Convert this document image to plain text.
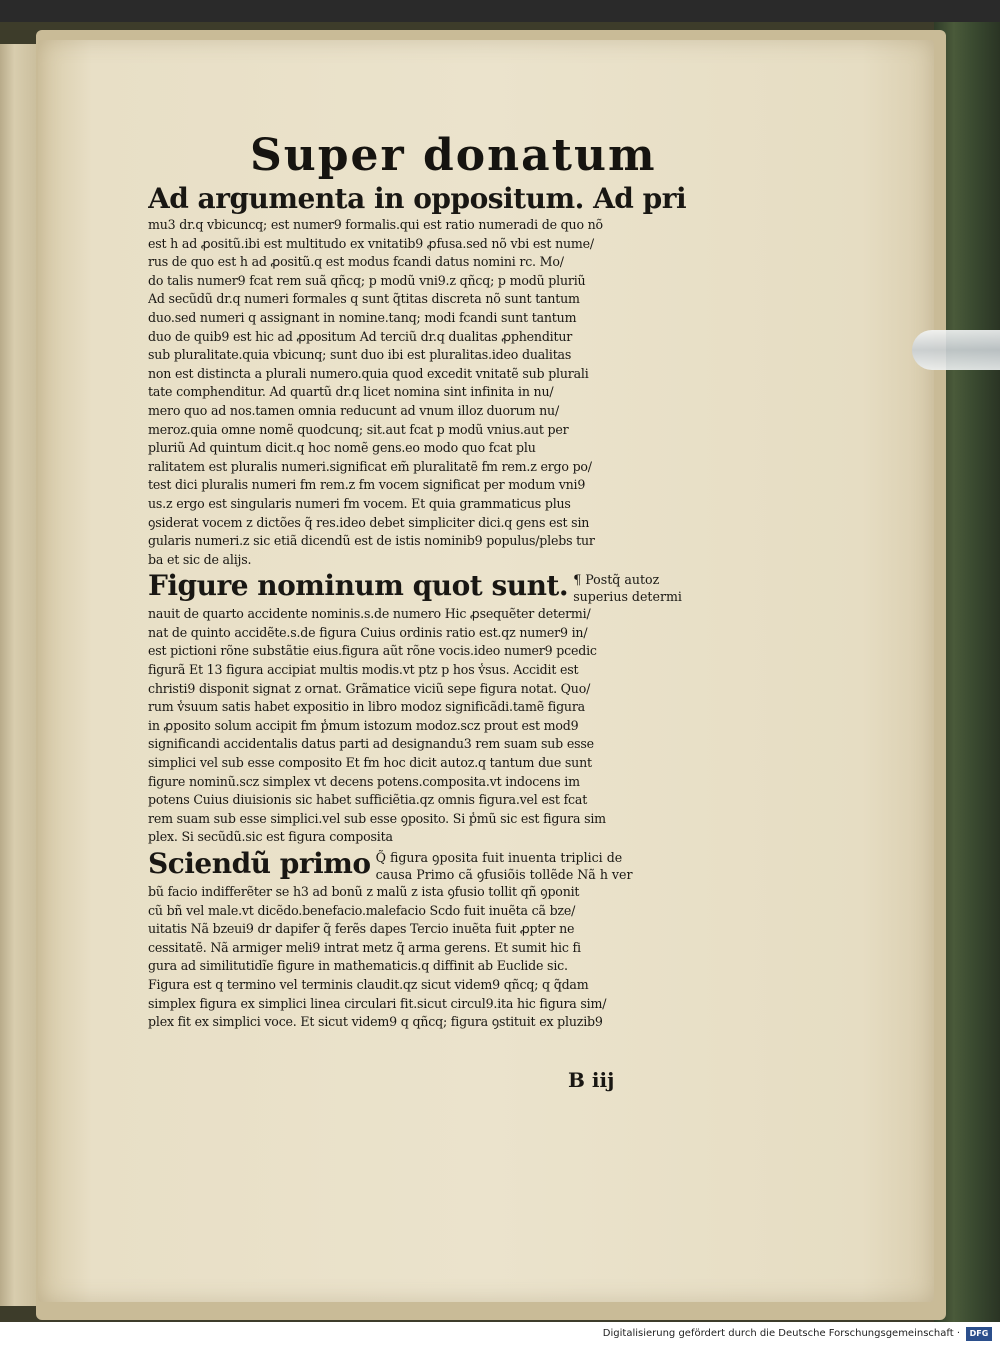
Super donatum
Ad argumenta in oppositum. Ad pri
mu3 dr.q vbicuncq; est numer9 formalis.qui est ratio numeradi de quo nõ
est h ad ꝓositũ.ibi est multitudo ex vnitatib9 ꝓfusa.sed nõ vbi est nume/
rus de quo est h ad ꝓositũ.q est modus fcandi datus nomini rc. Mo/
do talis numer9 fcat rem suã qñcq; p modũ vni9.z qñcq; p modũ pluriũ
Ad secũdũ dr.q numeri formales q sunt q̃titas discreta nõ sunt tantum
duo.sed numeri q assignant in nomine.tanq; modi fcandi sunt tantum
duo de quib9 est hic ad ꝓpositum Ad terciũ dr.q dualitas ꝓphenditur
sub pluralitate.quia vbicunq; sunt duo ibi est pluralitas.ideo dualitas
non est distincta a plurali numero.quia quod excedit vnitatẽ sub plurali
tate comphenditur. Ad quartũ dr.q licet nomina sint infinita in nu/
mero quo ad nos.tamen omnia reducunt ad vnum illoz duorum nu/
meroz.quia omne nomẽ quodcunq; sit.aut fcat p modũ vnius.aut per
pluriũ Ad quintum dicit.q hoc nomẽ gens.eo modo quo fcat plu
ralitatem est pluralis numeri.significat em̃ pluralitatẽ fm rem.z ergo po/
test dici pluralis numeri fm rem.z fm vocem significat per modum vni9
us.z ergo est singularis numeri fm vocem. Et quia grammaticus plus
ꝯsiderat vocem z dictões q̃ res.ideo debet simpliciter dici.q gens est sin
gularis numeri.z sic etiã dicendũ est de istis nominib9 populus/plebs tur
ba et sic de alijs.
Figure nominum quot sunt. ¶ Postq̃ autoz
superius determi
nauit de quarto accidente nominis.s.de numero Hic ꝓsequẽter determi/
nat de quinto accidẽte.s.de figura Cuius ordinis ratio est.qz numer9 in/
est pictioni rõne substãtie eius.figura aũt rõne vocis.ideo numer9 pcedic
figurã Et 13 figura accipiat multis modis.vt ptz p hos v̾sus. Accidit est
christi9 disponit signat z ornat. Grãmatice viciũ sepe figura notat. Quo/
rum v̾suum satis habet expositio in libro modoz significãdi.tamẽ figura
in ꝓposito solum accipit fm p̾mum istozum modoz.scz prout est mod9
significandi accidentalis datus parti ad designandu3 rem suam sub esse
simplici vel sub esse composito Et fm hoc dicit autoz.q tantum due sunt
figure nominũ.scz simplex vt decens potens.composita.vt indocens im
potens Cuius diuisionis sic habet sufficiẽtia.qz omnis figura.vel est fcat
rem suam sub esse simplici.vel sub esse ꝯposito. Si p̾mũ sic est figura sim
plex. Si secũdũ.sic est figura composita
Sciendũ primo Q̃ figura ꝯposita fuit inuenta triplici de
causa Primo cã ꝯfusiõis tollẽde Nã h ver
bũ facio indifferẽter se h3 ad bonũ z malũ z ista ꝯfusio tollit qñ ꝯponit
cũ bñ vel male.vt dicẽdo.benefacio.malefacio Scdo fuit inuẽta cã bze/
uitatis Nã bzeui9 dr dapifer q̃ ferẽs dapes Tercio inuẽta fuit ꝓpter ne
cessitatẽ. Nã armiger meli9 intrat metz q̃ arma gerens. Et sumit hic fi
gura ad similitutidĩe figure in mathematicis.q diffinit ab Euclide sic.
Figura est q termino vel terminis claudit.qz sicut videm9 qñcq; q q̃dam
simplex figura ex simplici linea circulari fit.sicut circul9.ita hic figura sim/
plex fit ex simplici voce. Et sicut videm9 q qñcq; figura ꝯstituit ex pluzib9
B iij
Digitalisierung gefördert durch die Deutsche Forschungsgemeinschaft ·	DFG
